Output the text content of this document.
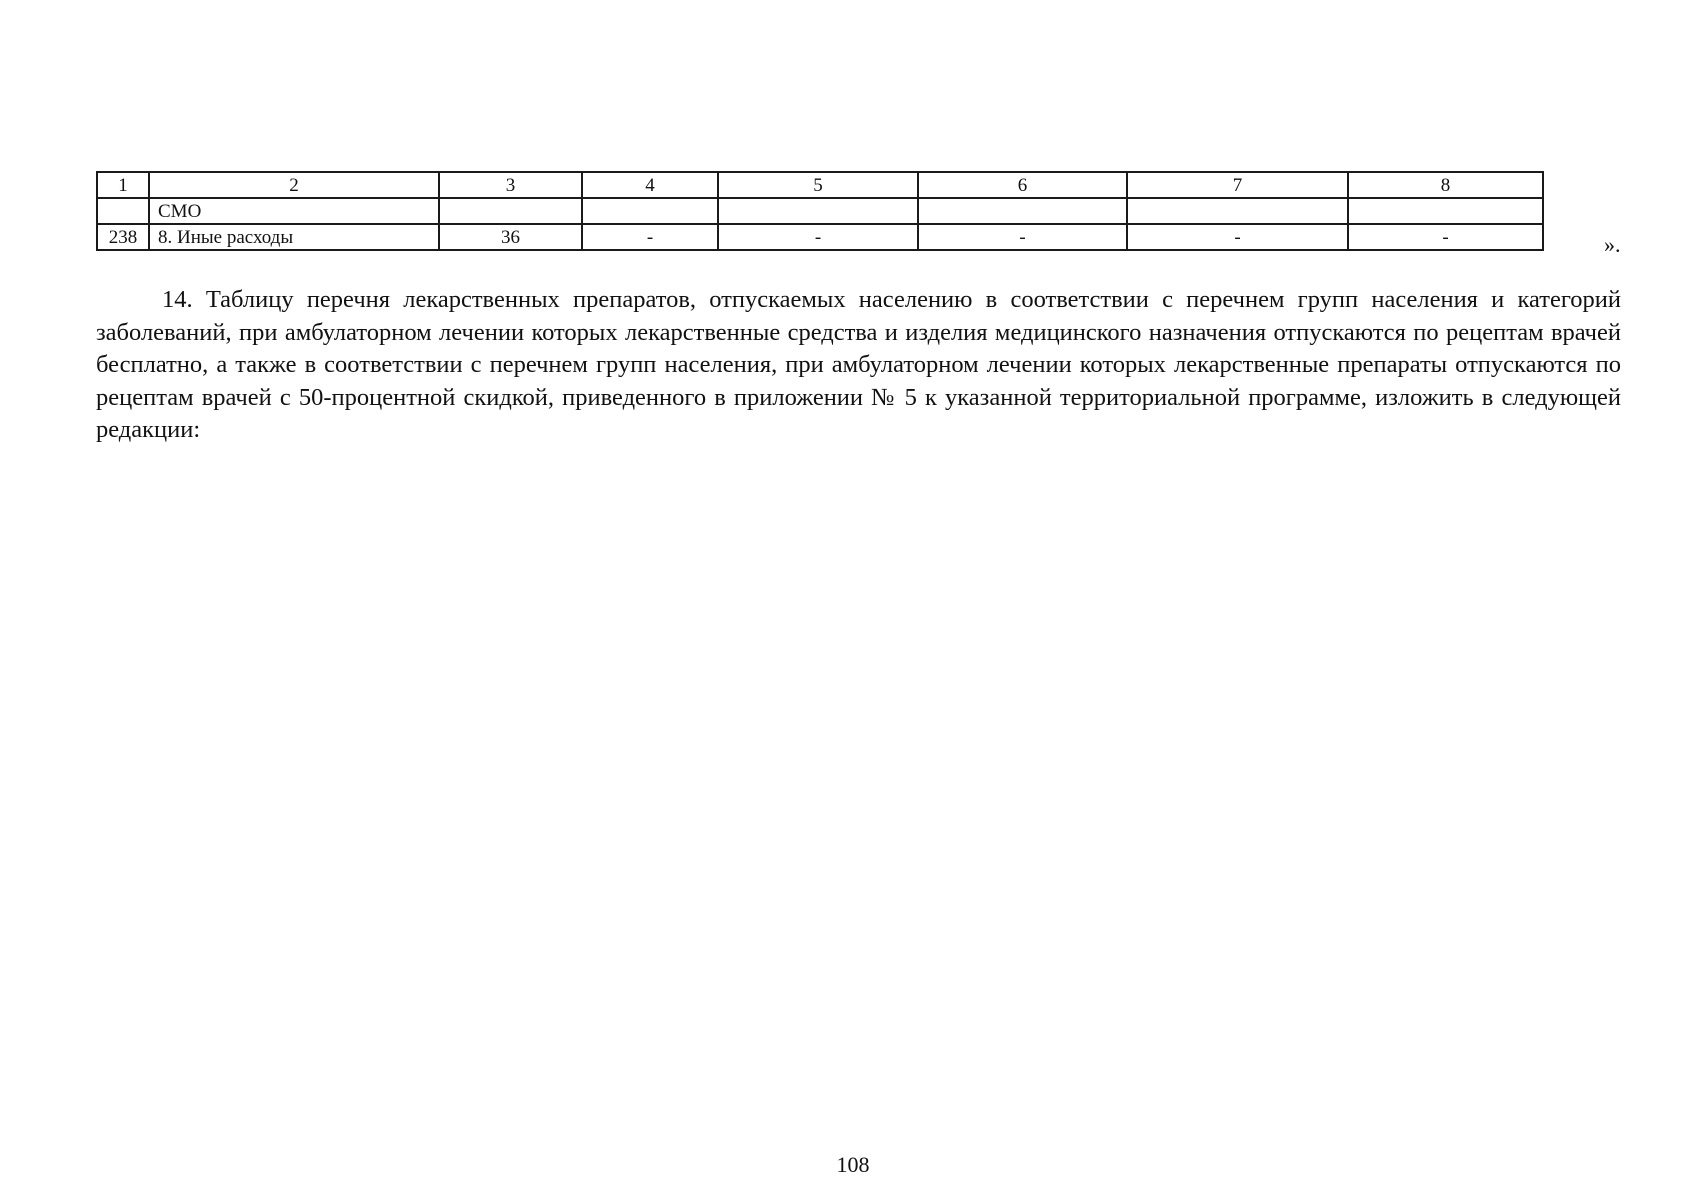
1	2	3	4	5	6	7	8
	СМО						
238	8. Иные расходы	36	-	-	-	-	-	».
14. Таблицу перечня лекарственных препаратов, отпускаемых населению в соответствии с перечнем групп населения и категорий заболеваний, при амбулаторном лечении которых лекарственные средства и изделия медицинского назначения отпускаются по рецептам врачей бесплатно, а также в соответствии с перечнем групп населения, при амбулаторном лечении которых лекарственные препараты отпускаются по рецептам врачей с 50-процентной скидкой, приведенного в приложении № 5 к указанной территориальной программе, изложить в следующей редакции:
108
